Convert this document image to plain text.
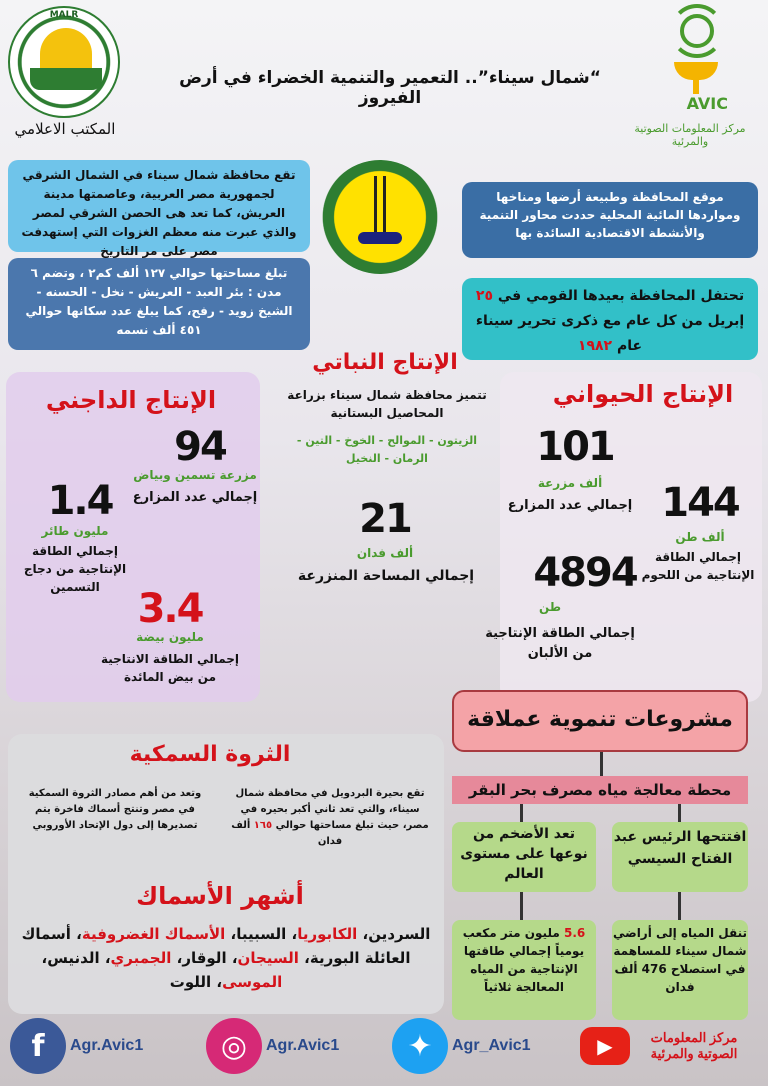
MALR
المكتب الاعلامي
“شمال سيناء”.. التعمير والتنمية الخضراء في أرض الفيروز	AVIC
مركز المعلومات الصوتية والمرئية
تقع محافظة شمال سيناء في الشمال الشرقي لجمهورية مصر العربية، وعاصمتها مدينة العريش، كما تعد هى الحصن الشرقي لمصر والذي عبرت منه معظم الغزوات التي إستهدفت مصر على مر التاريخ
تبلغ مساحتها حوالي ١٢٧ ألف كم٢ ، وتضم ٦ مدن : بئر العبد - العريش - نخل - الحسنه - الشيخ زويد - رفح، كما يبلغ عدد سكانها حوالي ٤٥١ ألف نسمه
موقع المحافظة وطبيعة أرضها ومناخها ومواردها المائية المحلية حددت محاور التنمية والأنشطة الاقتصادية السائدة بها
تحتفل المحافظة بعيدها القومي في ٢٥
إبريل من كل عام مع ذكرى تحرير سيناء
عام ١٩٨٢
الإنتاج النباتي
تتميز محافظة شمال سيناء بزراعة المحاصيل البستانية
الزيتون - الموالح - الخوخ - التين - الرمان - النخيل
21
ألف فدان
إجمالي المساحة المنزرعة
الإنتاج الداجني
94
مزرعة تسمين وبياض
إجمالي عدد المزارع
1.4
مليون طائر
إجمالي الطاقة الإنتاجية من دجاج التسمين 3.4
مليون بيضة
إجمالي الطاقة الانتاجية من بيض المائدة
الإنتاج الحيواني
101
ألف مزرعة
إجمالي عدد المزارع 144
ألف طن
إجمالي الطاقة الإنتاجية من اللحوم
4894
طن
إجمالي الطاقة الإنتاجية من الألبان
مشروعات تنموية عملاقة
محطة معالجة مياه مصرف بحر البقر
افتتحها الرئيس عبد الفتاح السيسي
تعد الأضخم من نوعها على مستوى العالم
5.6 مليون متر مكعب يومياً إجمالي طاقتها الإنتاجية من المياه المعالجة ثلاثياً
تنقل المياه إلى أراضي شمال سيناء للمساهمة في استصلاح 476 ألف فدان
الثروة السمكية
تقع بحيرة البردويل في محافظة شمال سيناء، والتي تعد ثاني أكبر بحيره في مصر، حيث تبلغ مساحتها حوالي ١٦٥ ألف فدان
وتعد من أهم مصادر الثروة السمكية في مصر وتنتج أسماك فاخرة يتم تصديرها إلى دول الإتحاد الأوروبي
أشهر الأسماك
السردين، الكابوريا، السبيبا، الأسماك الغضروفية، أسماك العائلة البورية، السيجان، الوقار، الجمبري، الدنيس، الموسى، اللوت
f	Agr.Avic1	◎	Agr.Avic1	✦	Agr_Avic1	▶	مركز المعلومات الصوتية والمرئية
